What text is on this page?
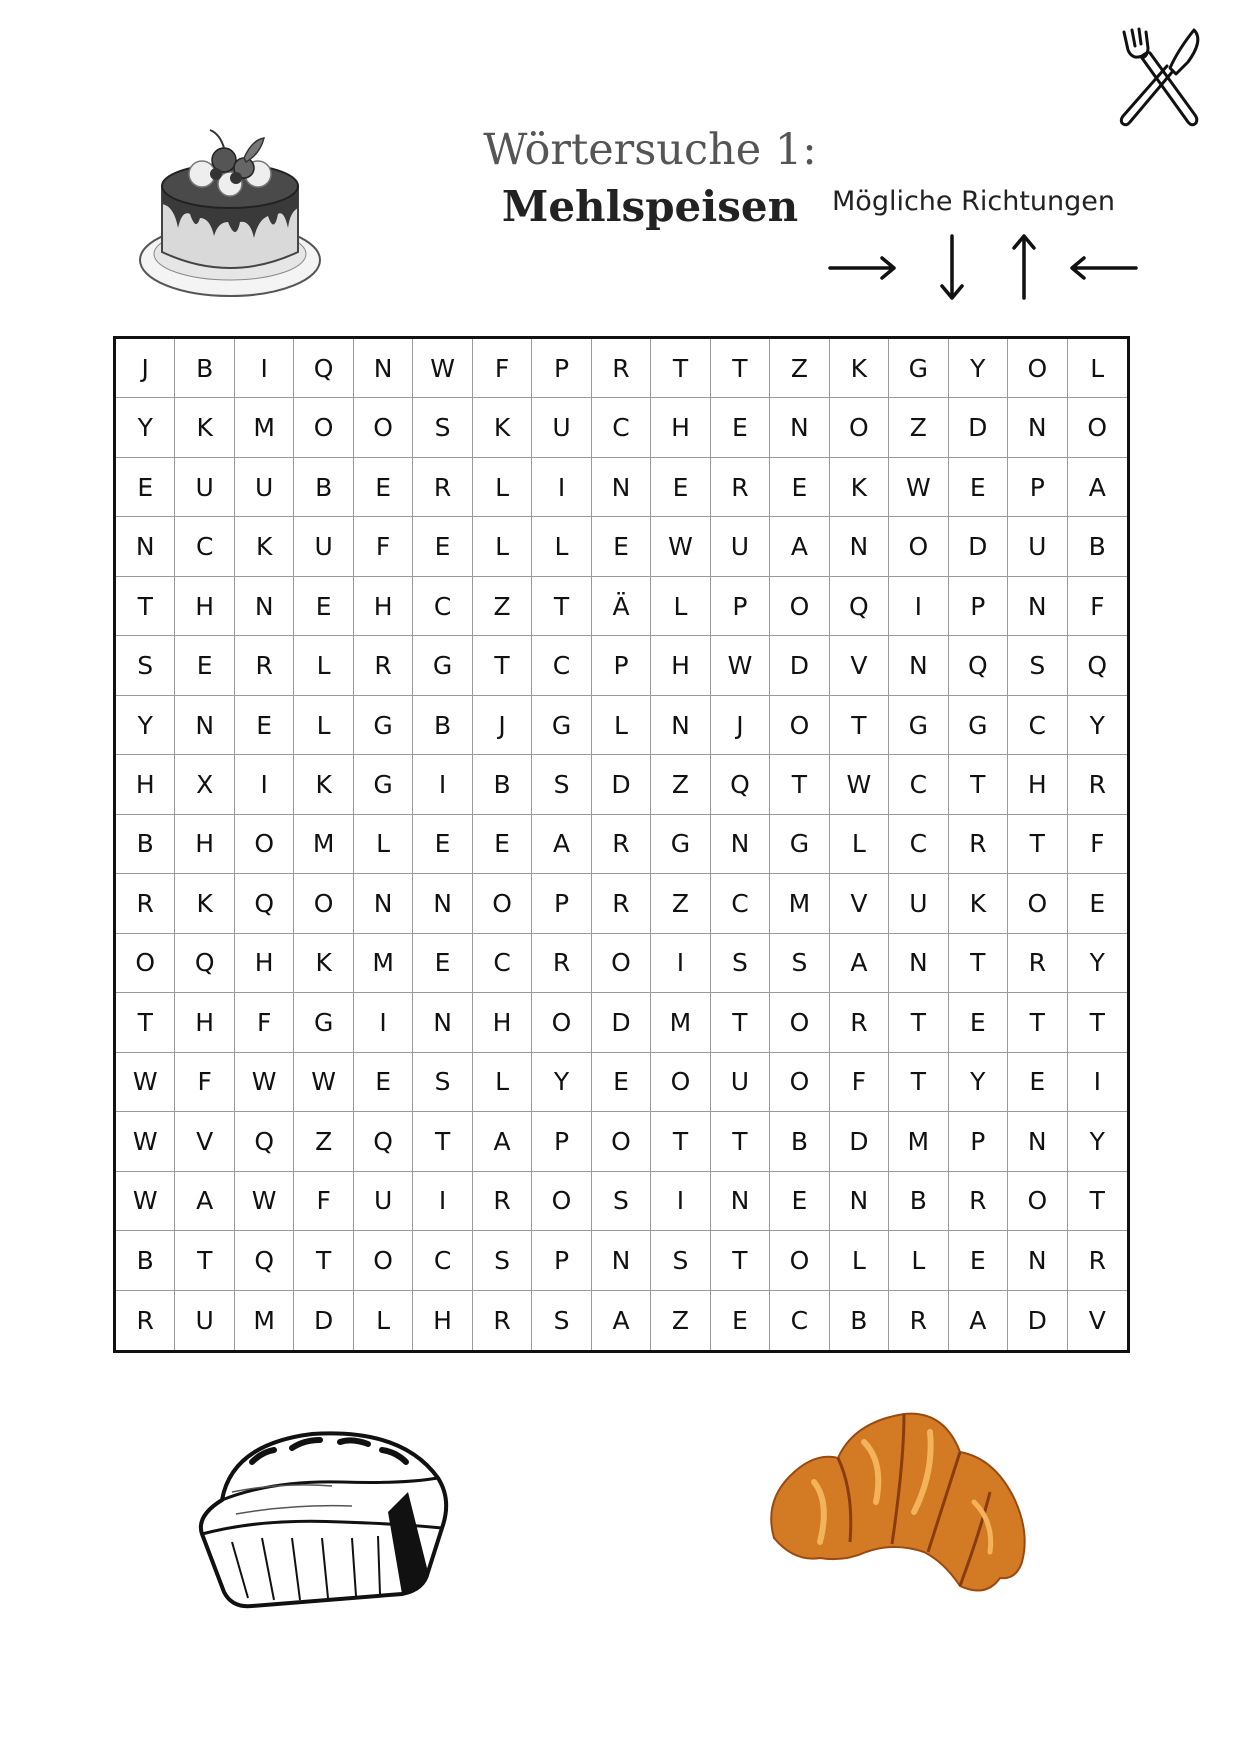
Wörtersuche 1:
Mehlspeisen	Mögliche Richtungen
J	B	I	Q	N	W	F	P	R	T	T	Z	K	G	Y	O	L
Y	K	M	O	O	S	K	U	C	H	E	N	O	Z	D	N	O
E	U	U	B	E	R	L	I	N	E	R	E	K	W	E	P	A
N	C	K	U	F	E	L	L	E	W	U	A	N	O	D	U	B
T	H	N	E	H	C	Z	T	Ä	L	P	O	Q	I	P	N	F
S	E	R	L	R	G	T	C	P	H	W	D	V	N	Q	S	Q
Y	N	E	L	G	B	J	G	L	N	J	O	T	G	G	C	Y
H	X	I	K	G	I	B	S	D	Z	Q	T	W	C	T	H	R
B	H	O	M	L	E	E	A	R	G	N	G	L	C	R	T	F
R	K	Q	O	N	N	O	P	R	Z	C	M	V	U	K	O	E
O	Q	H	K	M	E	C	R	O	I	S	S	A	N	T	R	Y
T	H	F	G	I	N	H	O	D	M	T	O	R	T	E	T	T
W	F	W	W	E	S	L	Y	E	O	U	O	F	T	Y	E	I
W	V	Q	Z	Q	T	A	P	O	T	T	B	D	M	P	N	Y
W	A	W	F	U	I	R	O	S	I	N	E	N	B	R	O	T
B	T	Q	T	O	C	S	P	N	S	T	O	L	L	E	N	R
R	U	M	D	L	H	R	S	A	Z	E	C	B	R	A	D	V
